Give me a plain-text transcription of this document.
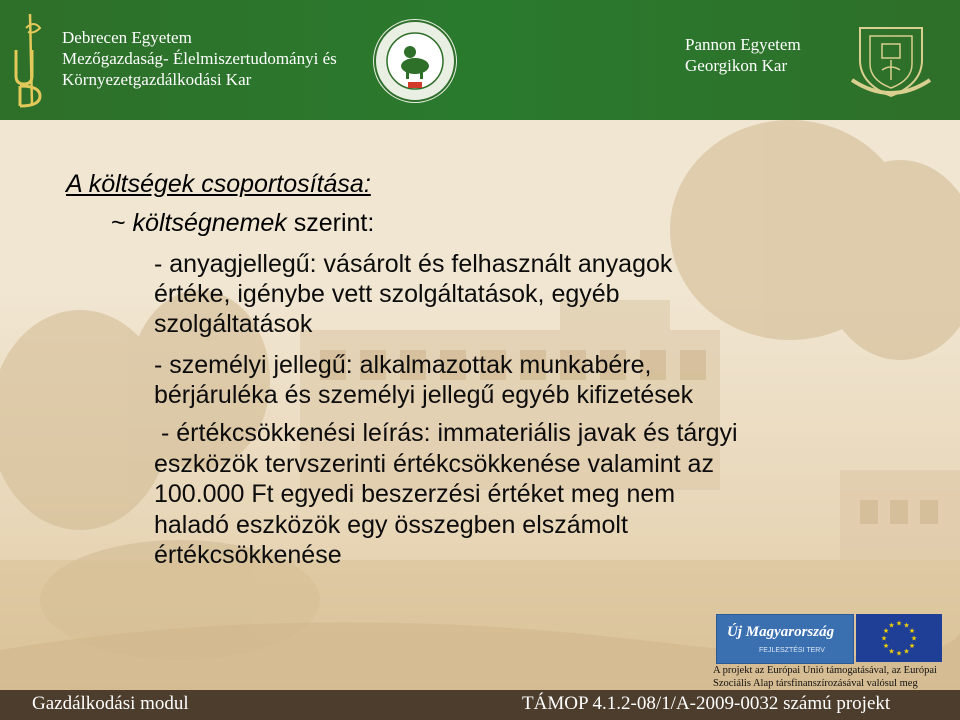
Debrecen Egyetem
Mezőgazdaság- Élelmiszertudományi és
Környezetgazdálkodási Kar
Pannon Egyetem
Georgikon Kar
A költségek csoportosítása:
~ költségnemek szerint:
- anyagjellegű: vásárolt és felhasznált anyagok
értéke, igénybe vett szolgáltatások, egyéb
szolgáltatások
- személyi jellegű: alkalmazottak munkabére,
bérjáruléka és személyi jellegű egyéb kifizetések
- értékcsökkenési leírás: immateriális javak és tárgyi
eszközök tervszerinti értékcsökkenése valamint az
100.000 Ft egyedi beszerzési értéket meg nem
haladó eszközök egy összegben elszámolt
értékcsökkenése
Új Magyarország
FEJLESZTÉSI TERV
★
★
★
★
★
★
★
★
★ ★ ★
★
A projekt az Európai Unió támogatásával, az Európai
Szociális Alap társfinanszírozásával valósul meg
Gazdálkodási modul	TÁMOP 4.1.2-08/1/A-2009-0032 számú projekt
